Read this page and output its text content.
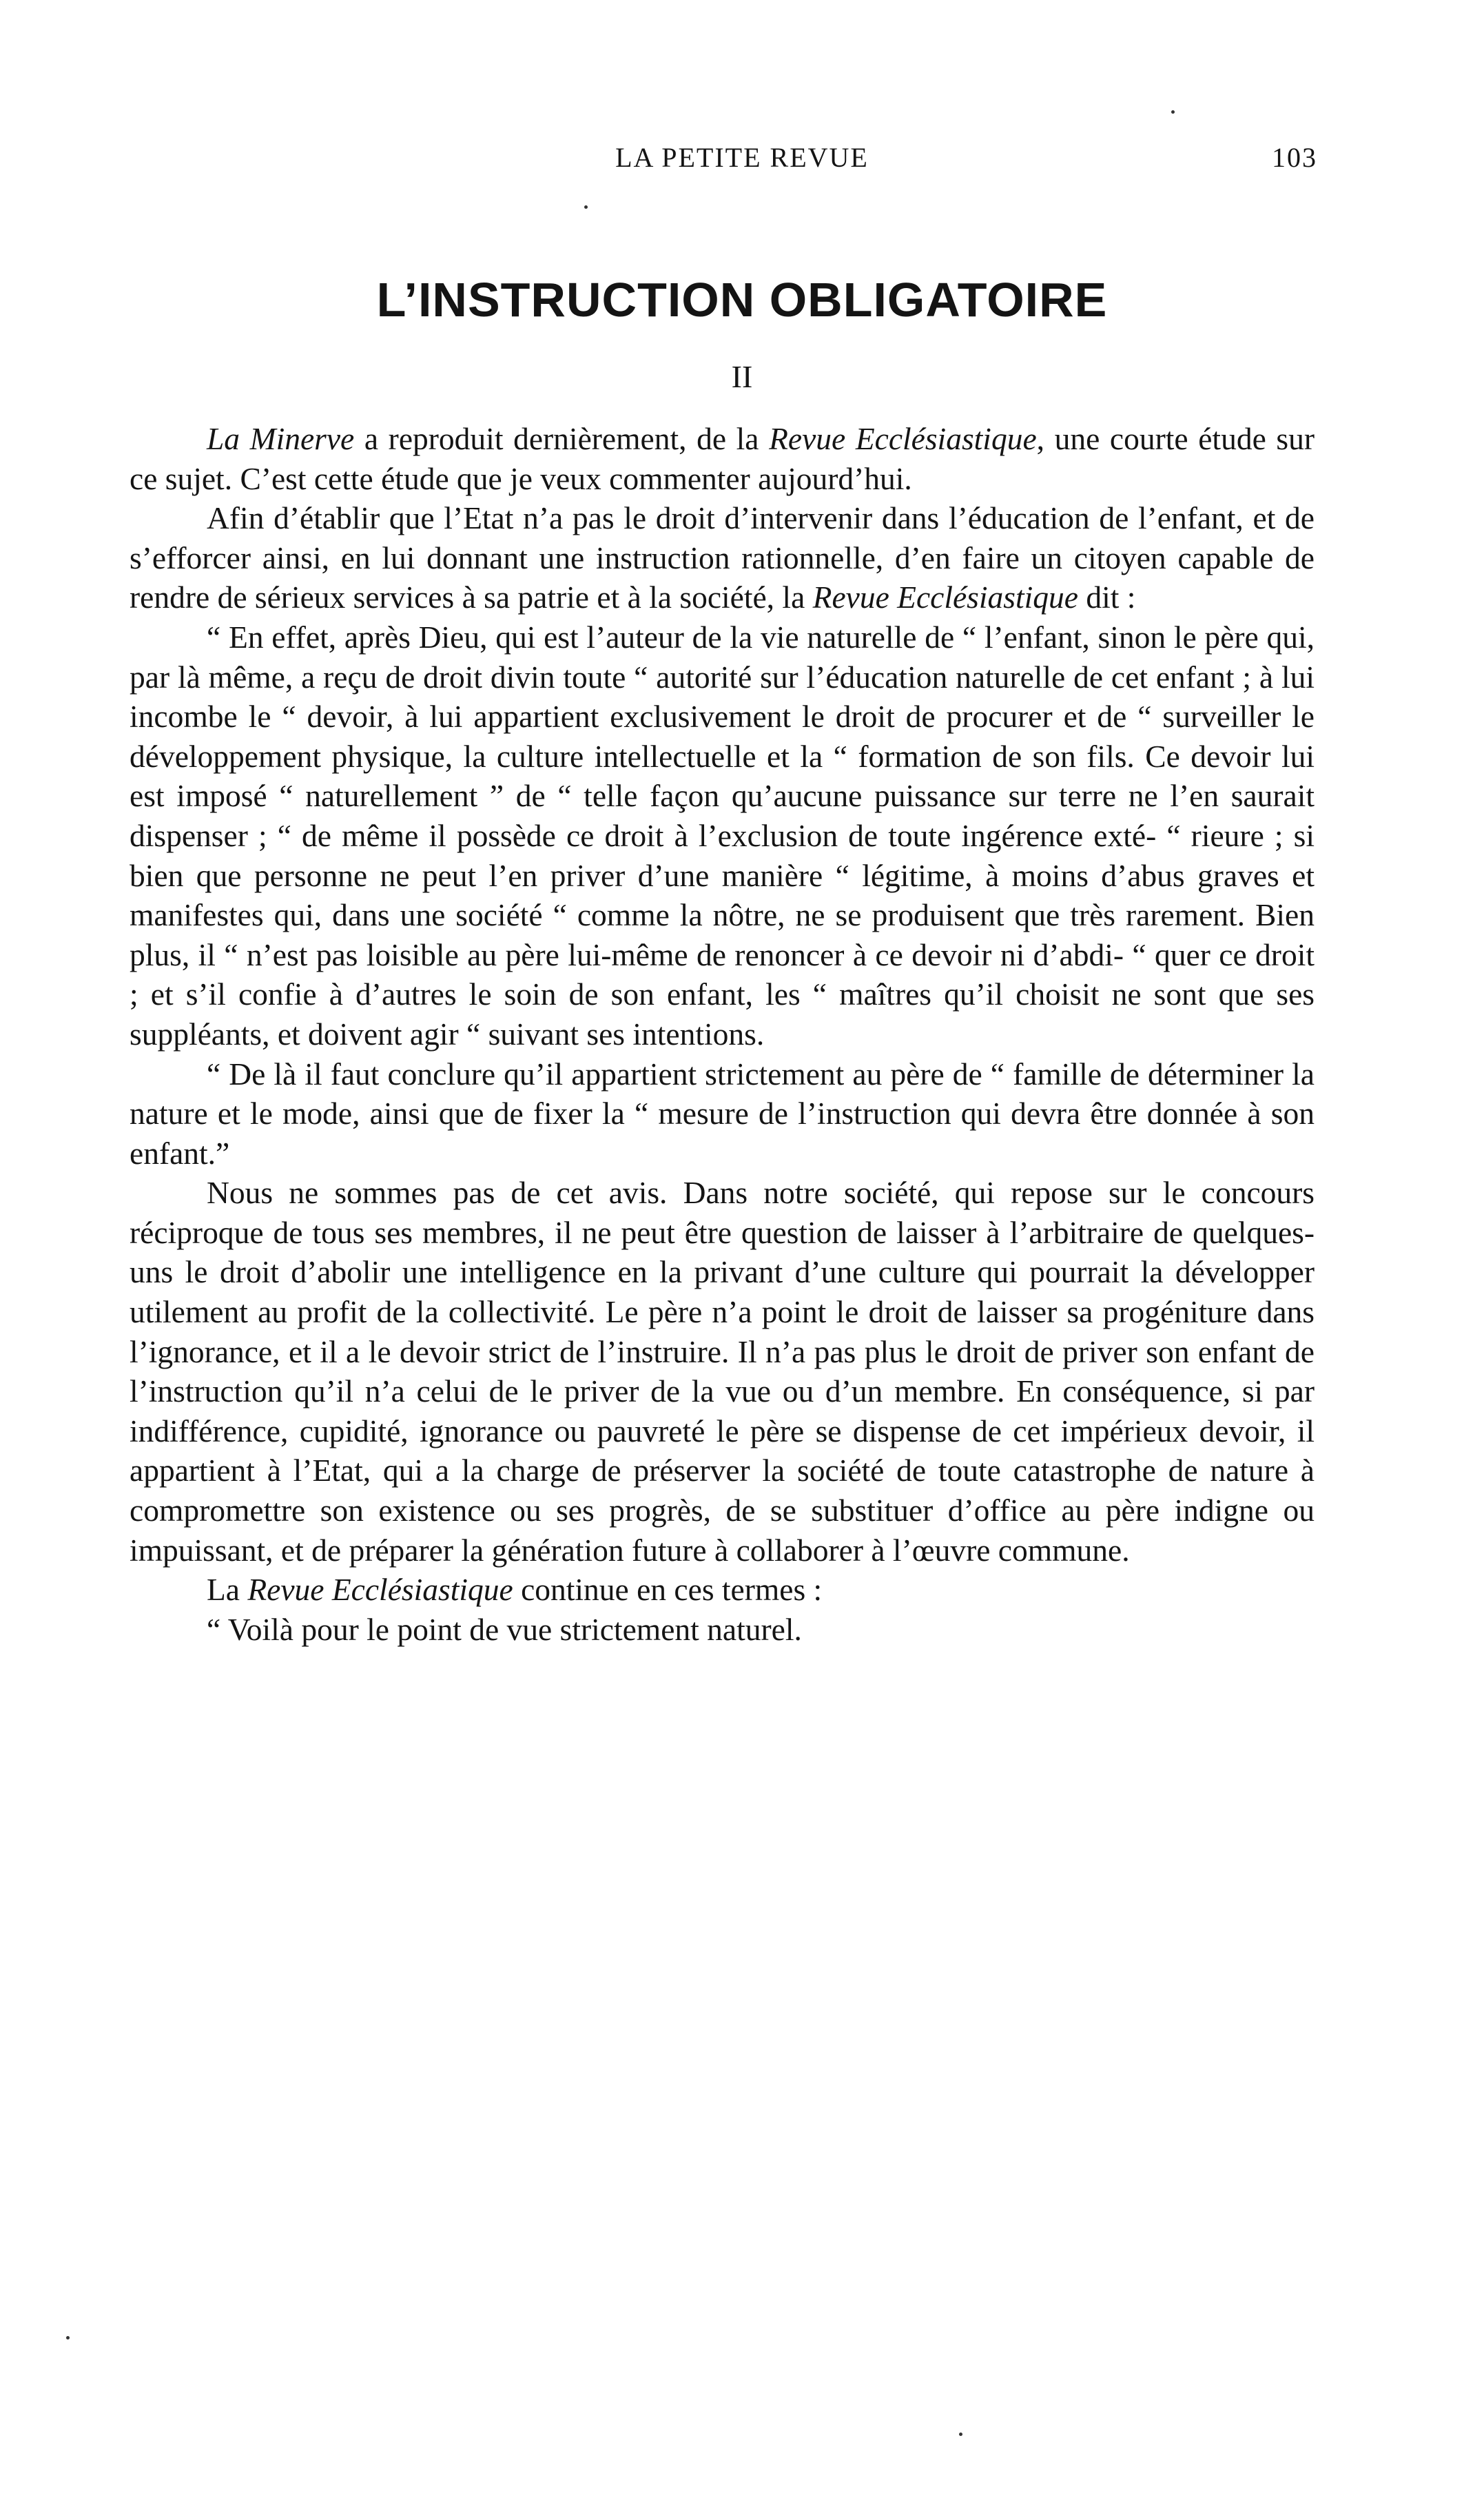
LA PETITE REVUE	103
L’INSTRUCTION OBLIGATOIRE
II

La Minerve a reproduit dernièrement, de la Revue Ecclésiastique, une courte étude sur ce sujet. C’est cette étude que je veux commenter aujourd’hui.

Afin d’établir que l’Etat n’a pas le droit d’intervenir dans l’éducation de l’enfant, et de s’efforcer ainsi, en lui donnant une instruction rationnelle, d’en faire un citoyen capable de rendre de sérieux services à sa patrie et à la société, la Revue Ecclésiastique dit :

“ En effet, après Dieu, qui est l’auteur de la vie naturelle de “ l’enfant, sinon le père qui, par là même, a reçu de droit divin toute “ autorité sur l’éducation naturelle de cet enfant ; à lui incombe le “ devoir, à lui appartient exclusivement le droit de procurer et de “ surveiller le développement physique, la culture intellectuelle et la “ formation de son fils. Ce devoir lui est imposé “ naturellement ” de “ telle façon qu’aucune puissance sur terre ne l’en saurait dispenser ; “ de même il possède ce droit à l’exclusion de toute ingérence exté- “ rieure ; si bien que personne ne peut l’en priver d’une manière “ légitime, à moins d’abus graves et manifestes qui, dans une société “ comme la nôtre, ne se produisent que très rarement. Bien plus, il “ n’est pas loisible au père lui-même de renoncer à ce devoir ni d’abdi- “ quer ce droit ; et s’il confie à d’autres le soin de son enfant, les “ maîtres qu’il choisit ne sont que ses suppléants, et doivent agir “ suivant ses intentions.

“ De là il faut conclure qu’il appartient strictement au père de “ famille de déterminer la nature et le mode, ainsi que de fixer la “ mesure de l’instruction qui devra être donnée à son enfant.”

Nous ne sommes pas de cet avis. Dans notre société, qui repose sur le concours réciproque de tous ses membres, il ne peut être question de laisser à l’arbitraire de quelques-uns le droit d’abolir une intelligence en la privant d’une culture qui pourrait la développer utilement au profit de la collectivité. Le père n’a point le droit de laisser sa progéniture dans l’ignorance, et il a le devoir strict de l’instruire. Il n’a pas plus le droit de priver son enfant de l’instruction qu’il n’a celui de le priver de la vue ou d’un membre. En conséquence, si par indifférence, cupidité, ignorance ou pauvreté le père se dispense de cet impérieux devoir, il appartient à l’Etat, qui a la charge de préserver la société de toute catastrophe de nature à compromettre son existence ou ses progrès, de se substituer d’office au père indigne ou impuissant, et de préparer la génération future à collaborer à l’œuvre commune.

La Revue Ecclésiastique continue en ces termes :

“ Voilà pour le point de vue strictement naturel.
